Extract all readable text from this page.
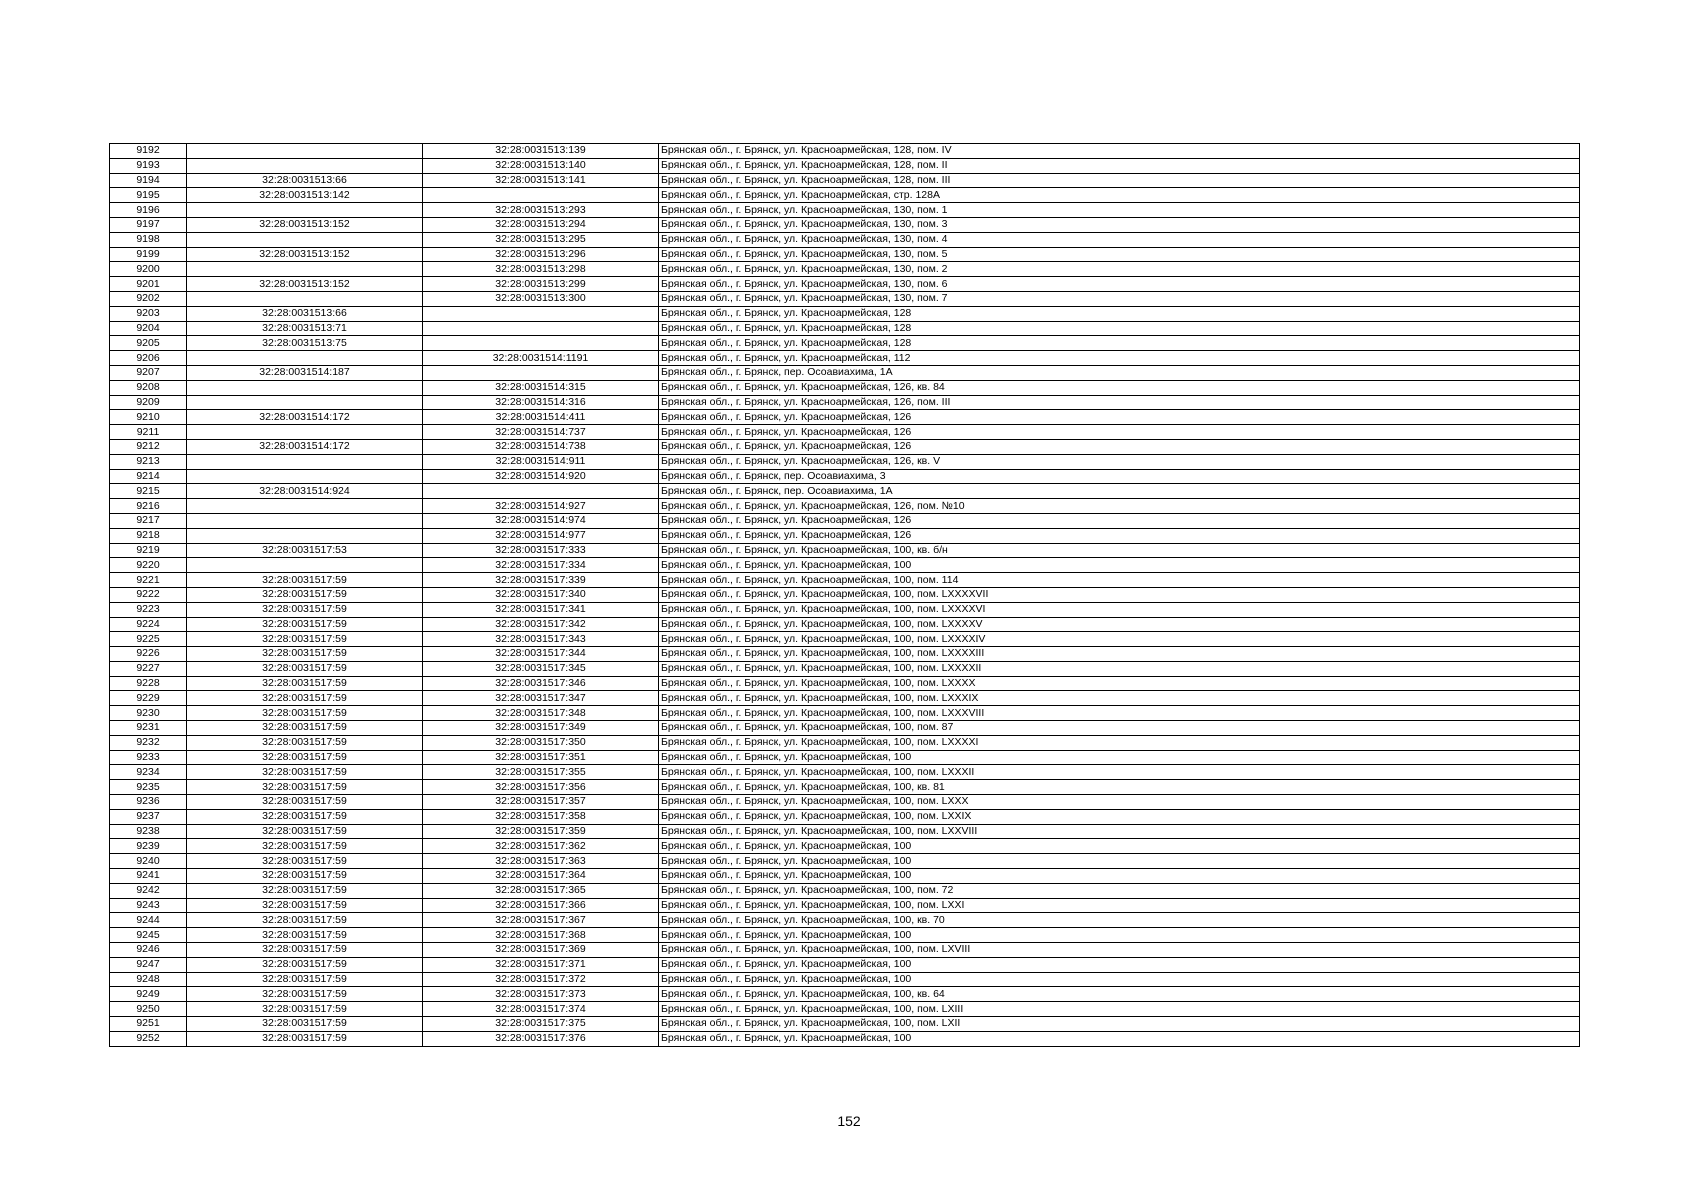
9192		32:28:0031513:139	Брянская обл., г. Брянск, ул. Красноармейская, 128, пом. IV
9193		32:28:0031513:140	Брянская обл., г. Брянск, ул. Красноармейская, 128, пом. II
9194	32:28:0031513:66	32:28:0031513:141	Брянская обл., г. Брянск, ул. Красноармейская, 128, пом. III
9195	32:28:0031513:142		Брянская обл., г. Брянск, ул. Красноармейская, стр. 128А
9196		32:28:0031513:293	Брянская обл., г. Брянск, ул. Красноармейская, 130, пом. 1
9197	32:28:0031513:152	32:28:0031513:294	Брянская обл., г. Брянск, ул. Красноармейская, 130, пом. 3
9198		32:28:0031513:295	Брянская обл., г. Брянск, ул. Красноармейская, 130, пом. 4
9199	32:28:0031513:152	32:28:0031513:296	Брянская обл., г. Брянск, ул. Красноармейская, 130, пом. 5
9200		32:28:0031513:298	Брянская обл., г. Брянск, ул. Красноармейская, 130, пом. 2
9201	32:28:0031513:152	32:28:0031513:299	Брянская обл., г. Брянск, ул. Красноармейская, 130, пом. 6
9202		32:28:0031513:300	Брянская обл., г. Брянск, ул. Красноармейская, 130, пом. 7
9203	32:28:0031513:66		Брянская обл., г. Брянск, ул. Красноармейская, 128
9204	32:28:0031513:71		Брянская обл., г. Брянск, ул. Красноармейская, 128
9205	32:28:0031513:75		Брянская обл., г. Брянск, ул. Красноармейская, 128
9206		32:28:0031514:1191	Брянская обл., г. Брянск, ул. Красноармейская, 112
9207	32:28:0031514:187		Брянская обл., г. Брянск, пер. Осоавиахима, 1А
9208		32:28:0031514:315	Брянская обл., г. Брянск, ул. Красноармейская, 126, кв. 84
9209		32:28:0031514:316	Брянская обл., г. Брянск, ул. Красноармейская, 126, пом. III
9210	32:28:0031514:172	32:28:0031514:411	Брянская обл., г. Брянск, ул. Красноармейская, 126
9211		32:28:0031514:737	Брянская обл., г. Брянск, ул. Красноармейская, 126
9212	32:28:0031514:172	32:28:0031514:738	Брянская обл., г. Брянск, ул. Красноармейская, 126
9213		32:28:0031514:911	Брянская обл., г. Брянск, ул. Красноармейская, 126, кв. V
9214		32:28:0031514:920	Брянская обл., г. Брянск, пер. Осоавиахима, 3
9215	32:28:0031514:924		Брянская обл., г. Брянск, пер. Осоавиахима, 1А
9216		32:28:0031514:927	Брянская обл., г. Брянск, ул. Красноармейская, 126, пом. №10
9217		32:28:0031514:974	Брянская обл., г. Брянск, ул. Красноармейская, 126
9218		32:28:0031514:977	Брянская обл., г. Брянск, ул. Красноармейская, 126
9219	32:28:0031517:53	32:28:0031517:333	Брянская обл., г. Брянск, ул. Красноармейская, 100, кв. б/н
9220		32:28:0031517:334	Брянская обл., г. Брянск, ул. Красноармейская, 100
9221	32:28:0031517:59	32:28:0031517:339	Брянская обл., г. Брянск, ул. Красноармейская, 100, пом. 114
9222	32:28:0031517:59	32:28:0031517:340	Брянская обл., г. Брянск, ул. Красноармейская, 100, пом. LXXXXVII
9223	32:28:0031517:59	32:28:0031517:341	Брянская обл., г. Брянск, ул. Красноармейская, 100, пом. LXXXXVI
9224	32:28:0031517:59	32:28:0031517:342	Брянская обл., г. Брянск, ул. Красноармейская, 100, пом. LXXXXV
9225	32:28:0031517:59	32:28:0031517:343	Брянская обл., г. Брянск, ул. Красноармейская, 100, пом. LXXXXIV
9226	32:28:0031517:59	32:28:0031517:344	Брянская обл., г. Брянск, ул. Красноармейская, 100, пом. LXXXXIII
9227	32:28:0031517:59	32:28:0031517:345	Брянская обл., г. Брянск, ул. Красноармейская, 100, пом. LXXXXII
9228	32:28:0031517:59	32:28:0031517:346	Брянская обл., г. Брянск, ул. Красноармейская, 100, пом. LXXXX
9229	32:28:0031517:59	32:28:0031517:347	Брянская обл., г. Брянск, ул. Красноармейская, 100, пом. LXXXIX
9230	32:28:0031517:59	32:28:0031517:348	Брянская обл., г. Брянск, ул. Красноармейская, 100, пом. LXXXVIII
9231	32:28:0031517:59	32:28:0031517:349	Брянская обл., г. Брянск, ул. Красноармейская, 100, пом. 87
9232	32:28:0031517:59	32:28:0031517:350	Брянская обл., г. Брянск, ул. Красноармейская, 100, пом. LXXXXI
9233	32:28:0031517:59	32:28:0031517:351	Брянская обл., г. Брянск, ул. Красноармейская, 100
9234	32:28:0031517:59	32:28:0031517:355	Брянская обл., г. Брянск, ул. Красноармейская, 100, пом. LXXXII
9235	32:28:0031517:59	32:28:0031517:356	Брянская обл., г. Брянск, ул. Красноармейская, 100, кв. 81
9236	32:28:0031517:59	32:28:0031517:357	Брянская обл., г. Брянск, ул. Красноармейская, 100, пом. LXXX
9237	32:28:0031517:59	32:28:0031517:358	Брянская обл., г. Брянск, ул. Красноармейская, 100, пом. LXXIX
9238	32:28:0031517:59	32:28:0031517:359	Брянская обл., г. Брянск, ул. Красноармейская, 100, пом. LXXVIII
9239	32:28:0031517:59	32:28:0031517:362	Брянская обл., г. Брянск, ул. Красноармейская, 100
9240	32:28:0031517:59	32:28:0031517:363	Брянская обл., г. Брянск, ул. Красноармейская, 100
9241	32:28:0031517:59	32:28:0031517:364	Брянская обл., г. Брянск, ул. Красноармейская, 100
9242	32:28:0031517:59	32:28:0031517:365	Брянская обл., г. Брянск, ул. Красноармейская, 100, пом. 72
9243	32:28:0031517:59	32:28:0031517:366	Брянская обл., г. Брянск, ул. Красноармейская, 100, пом. LXXI
9244	32:28:0031517:59	32:28:0031517:367	Брянская обл., г. Брянск, ул. Красноармейская, 100, кв. 70
9245	32:28:0031517:59	32:28:0031517:368	Брянская обл., г. Брянск, ул. Красноармейская, 100
9246	32:28:0031517:59	32:28:0031517:369	Брянская обл., г. Брянск, ул. Красноармейская, 100, пом. LXVIII
9247	32:28:0031517:59	32:28:0031517:371	Брянская обл., г. Брянск, ул. Красноармейская, 100
9248	32:28:0031517:59	32:28:0031517:372	Брянская обл., г. Брянск, ул. Красноармейская, 100
9249	32:28:0031517:59	32:28:0031517:373	Брянская обл., г. Брянск, ул. Красноармейская, 100, кв. 64
9250	32:28:0031517:59	32:28:0031517:374	Брянская обл., г. Брянск, ул. Красноармейская, 100, пом. LXIII
9251	32:28:0031517:59	32:28:0031517:375	Брянская обл., г. Брянск, ул. Красноармейская, 100, пом. LXII
9252	32:28:0031517:59	32:28:0031517:376	Брянская обл., г. Брянск, ул. Красноармейская, 100
152
